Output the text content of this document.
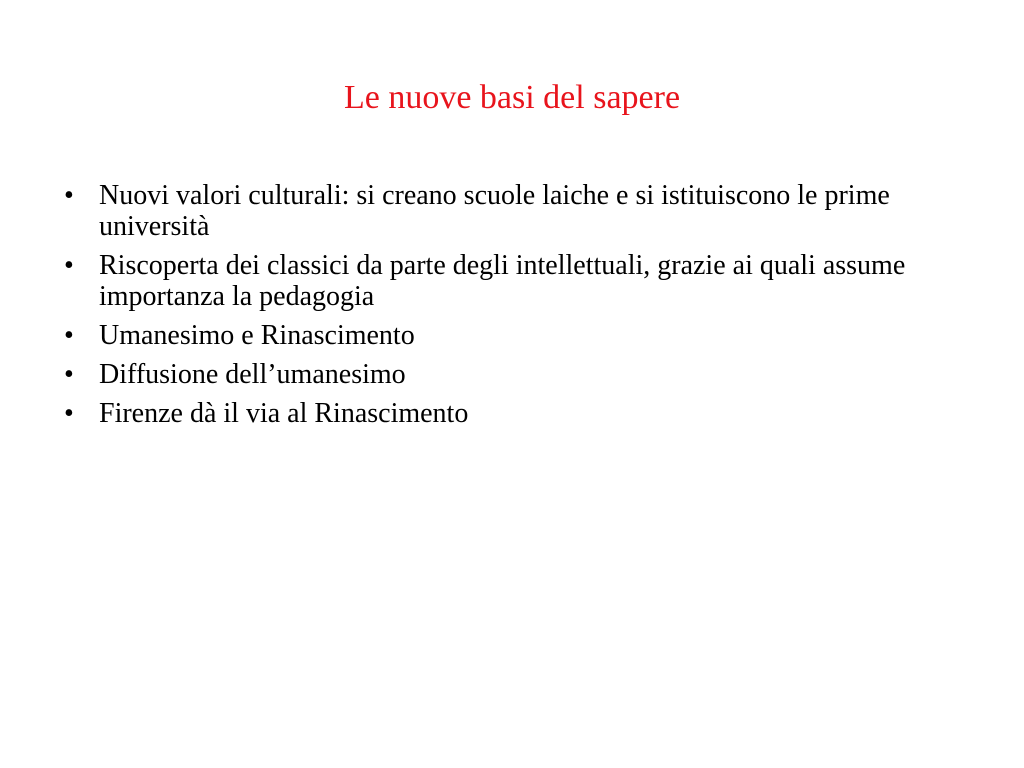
Le nuove basi del sapere
• Nuovi valori culturali: si creano scuole laiche e si istituiscono le prime università
• Riscoperta dei classici da parte degli intellettuali, grazie ai quali assume importanza la pedagogia
• Umanesimo e Rinascimento
• Diffusione dell’umanesimo
• Firenze dà il via al Rinascimento
